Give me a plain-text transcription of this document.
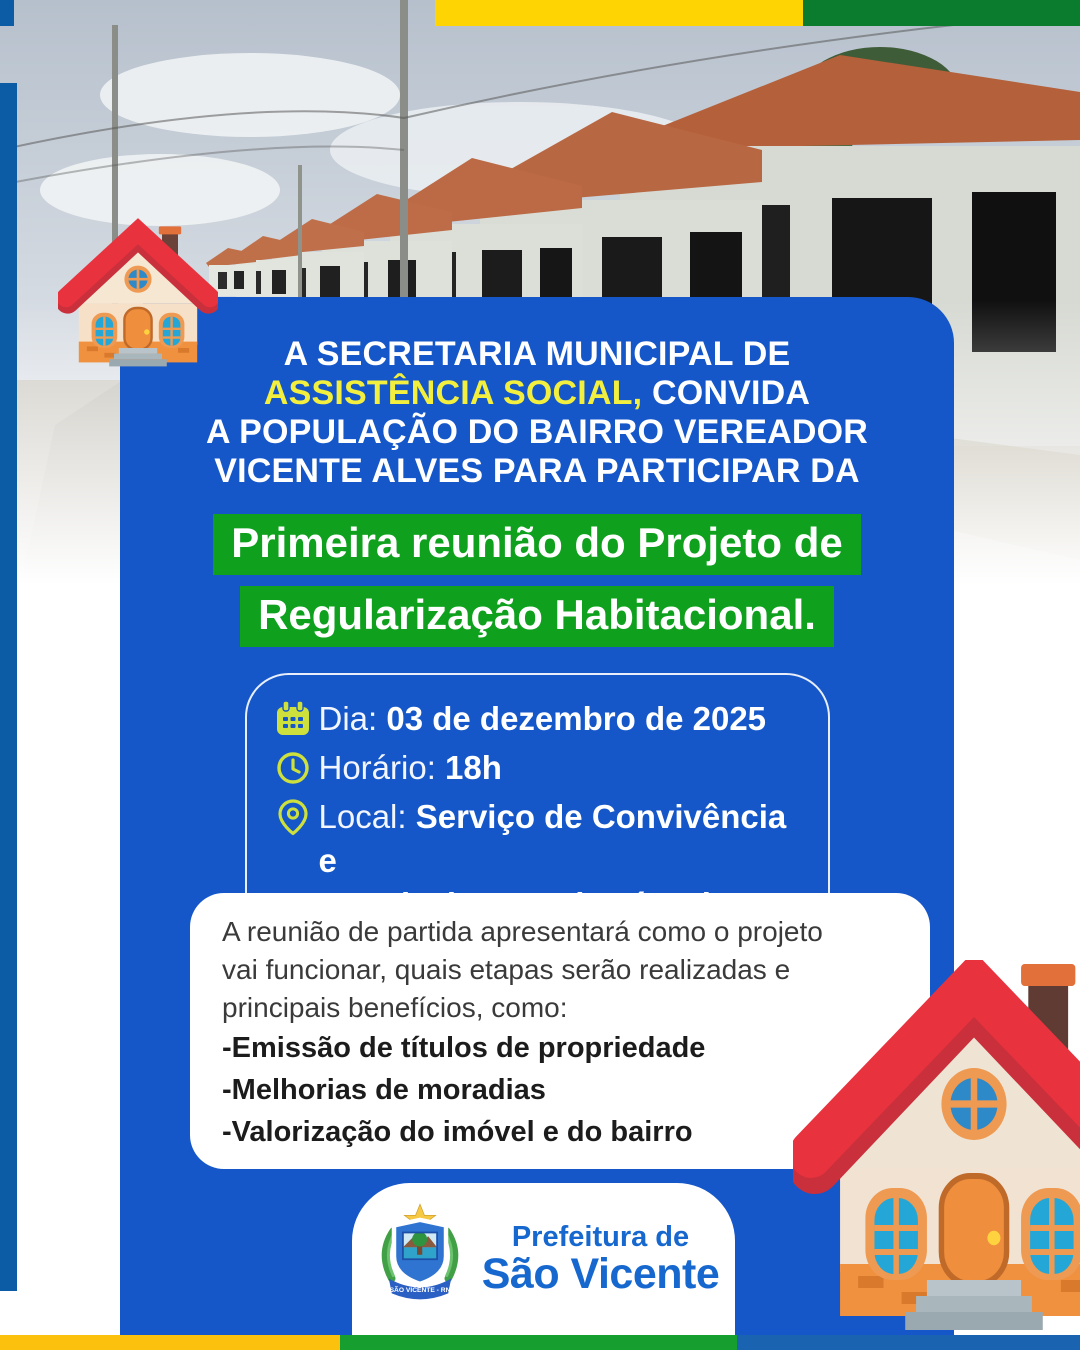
A SECRETARIA MUNICIPAL DE
ASSISTÊNCIA SOCIAL, CONVIDA
A POPULAÇÃO DO BAIRRO VEREADOR
VICENTE ALVES PARA PARTICIPAR DA
Primeira reunião do Projeto de
Regularização Habitacional.
Dia: 03 de dezembro de 2025
Horário: 18h
Local: Serviço de Convivência e

A reunião de partida apresentará como o projeto
vai funcionar, quais etapas serão realizadas e
principais benefícios, como:
-Emissão de títulos de propriedade
-Melhorias de moradias
-Valorização do imóvel e do bairro
SÃO VICENTE - RN
Prefeitura de
São Vicente
